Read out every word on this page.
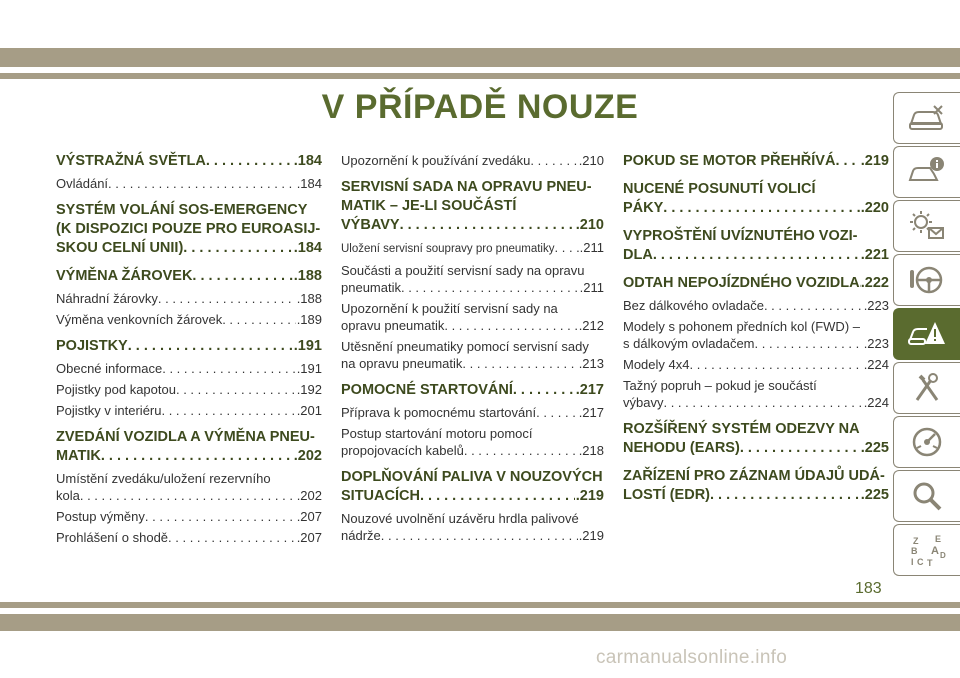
V PŘÍPADĚ NOUZE
VÝSTRAŽNÁ SVĚTLA . . .	.184
Ovládání . . .	.184
SYSTÉM VOLÁNÍ SOS-EMERGENCY
(K DISPOZICI POUZE PRO EUROASIJ-
SKOU CELNÍ UNII) . . .	.184
VÝMĚNA ŽÁROVEK . . .	.188
Náhradní žárovky . . .	.188
Výměna venkovních žárovek . . .	.189
POJISTKY . . .	.191
Obecné informace . . .	.191
Pojistky pod kapotou . . .	.192
Pojistky v interiéru . . .	.201
ZVEDÁNÍ VOZIDLA A VÝMĚNA PNEU-
MATIK . . .	.202
Umístění zvedáku/uložení rezervního
kola . . .	.202
Postup výměny . . .	.207
Prohlášení o shodě . . .	.207
Upozornění k používání zvedáku . . .	.210
SERVISNÍ SADA NA OPRAVU PNEU-
MATIK – JE-LI SOUČÁSTÍ
VÝBAVY . . .	.210
Uložení servisní soupravy pro pneumatiky . . . .211
Součásti a použití servisní sady na opravu
pneumatik . . .	.211
Upozornění k použití servisní sady na
opravu pneumatik . . .	.212
Utěsnění pneumatiky pomocí servisní sady
na opravu pneumatik . . .	.213
POMOCNÉ STARTOVÁNÍ . . .	.217
Příprava k pomocnému startování . . .	.217
Postup startování motoru pomocí
propojovacích kabelů . . .	.218
DOPLŇOVÁNÍ PALIVA V NOUZOVÝCH
SITUACÍCH . . .	.219
Nouzové uvolnění uzávěru hrdla palivové
nádrže . . .	.219
POKUD SE MOTOR PŘEHŘÍVÁ . . . .219
NUCENÉ POSUNUTÍ VOLICÍ
PÁKY . . .	.220
VYPROŠTĚNÍ UVÍZNUTÉHO VOZI-
DLA . . .	.221
ODTAH NEPOJÍZDNÉHO VOZIDLA . . . .222
Bez dálkového ovladače . . .	.223
Modely s pohonem předních kol (FWD) –
s dálkovým ovladačem . . .	.223
Modely 4x4 . . .	.224
Tažný popruh – pokud je součástí
výbavy . . .	.224
ROZŠÍŘENÝ SYSTÉM ODEZVY NA
NEHODU (EARS) . . .	.225
ZAŘÍZENÍ PRO ZÁZNAM ÚDAJŮ UDÁ-
LOSTÍ (EDR) . . .	.225
Z E
B A
C
D
I T
183
carmanualsonline.info
